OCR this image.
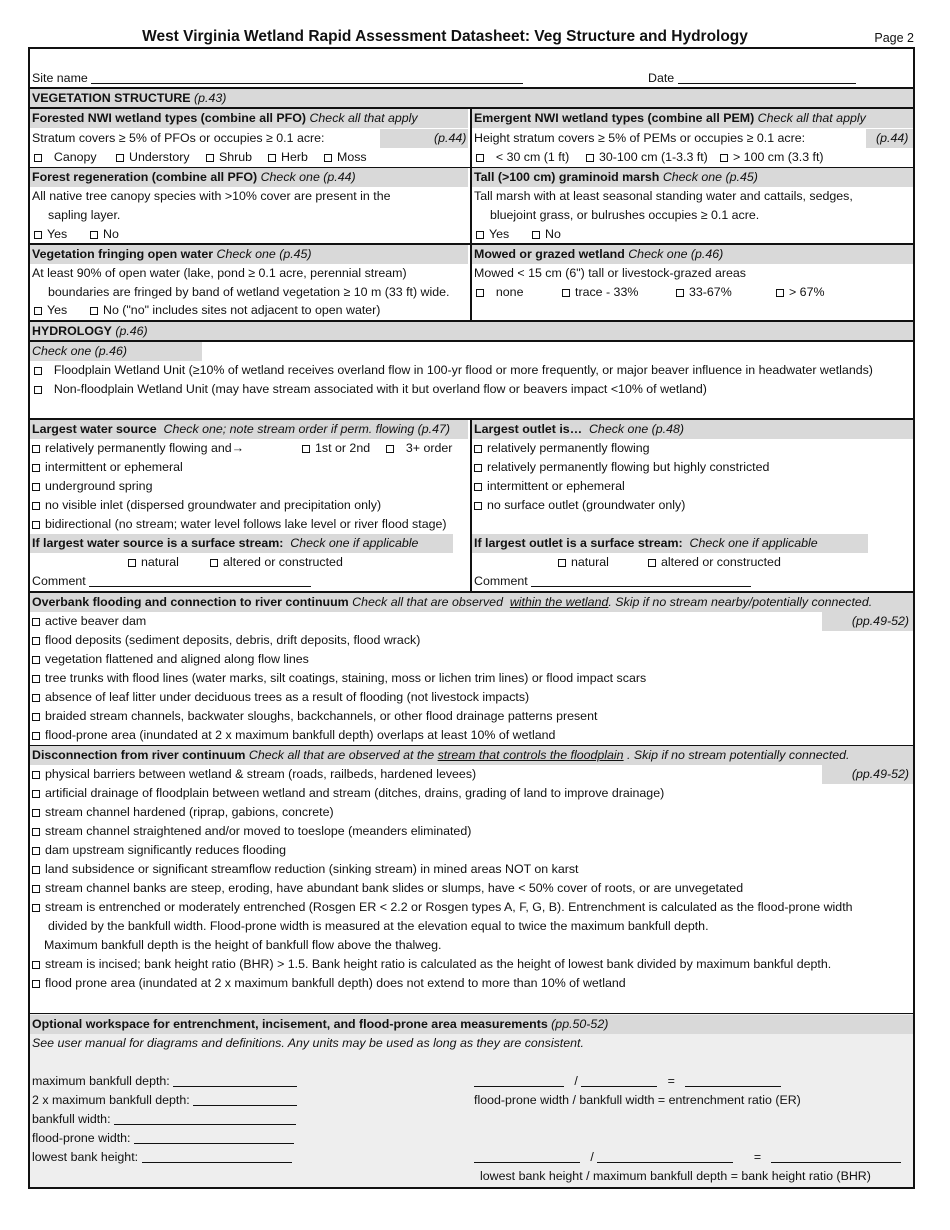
West Virginia Wetland Rapid Assessment Datasheet: Veg Structure and Hydrology	Page 2
Site name	Date
VEGETATION STRUCTURE (p.43)
Forested NWI wetland types (combine all PFO) Check all that apply	Emergent NWI wetland types (combine all PEM) Check all that apply
Stratum covers ≥ 5% of PFOs or occupies ≥ 0.1 acre:	(p.44) Height stratum covers ≥ 5% of PEMs or occupies ≥ 0.1 acre:	(p.44)
Canopy	Understory	Shrub	Herb	Moss	< 30 cm (1 ft)	30-100 cm (1-3.3 ft)	> 100 cm (3.3 ft)
Forest regeneration (combine all PFO) Check one (p.44)	Tall (>100 cm) graminoid marsh Check one (p.45)
All native tree canopy species with >10% cover are present in the	Tall marsh with at least seasonal standing water and cattails, sedges,
sapling layer.	bluejoint grass, or bulrushes occupies ≥ 0.1 acre.
Yes	No	Yes	No
Vegetation fringing open water Check one (p.45)	Mowed or grazed wetland Check one (p.46)
At least 90% of open water (lake, pond ≥ 0.1 acre, perennial stream)	Mowed < 15 cm (6") tall or livestock-grazed areas
boundaries are fringed by band of wetland vegetation ≥ 10 m (33 ft) wide.	none	trace - 33%	33-67%	> 67%
Yes	No ("no" includes sites not adjacent to open water)
HYDROLOGY (p.46)
Check one (p.46)
Floodplain Wetland Unit (≥10% of wetland receives overland flow in 100-yr flood or more frequently, or major beaver influence in headwater wetlands)
Non-floodplain Wetland Unit (may have stream associated with it but overland flow or beavers impact <10% of wetland)
Largest water source Check one; note stream order if perm. flowing (p.47) Largest outlet is… Check one (p.48)
relatively permanently flowing and→	1st or 2nd	3+ order	relatively permanently flowing
intermittent or ephemeral	relatively permanently flowing but highly constricted
underground spring	intermittent or ephemeral
no visible inlet (dispersed groundwater and precipitation only)	no surface outlet (groundwater only)
bidirectional (no stream; water level follows lake level or river flood stage)
If largest water source is a surface stream: Check one if applicable	If largest outlet is a surface stream: Check one if applicable
natural	altered or constructed	natural	altered or constructed
Comment	Comment
Overbank flooding and connection to river continuum Check all that are observed within the wetland. Skip if no stream nearby/potentially connected.
active beaver dam	(pp.49-52)
flood deposits (sediment deposits, debris, drift deposits, flood wrack)
vegetation flattened and aligned along flow lines
tree trunks with flood lines (water marks, silt coatings, staining, moss or lichen trim lines) or flood impact scars
absence of leaf litter under deciduous trees as a result of flooding (not livestock impacts)
braided stream channels, backwater sloughs, backchannels, or other flood drainage patterns present
flood-prone area (inundated at 2 x maximum bankfull depth) overlaps at least 10% of wetland
Disconnection from river continuum Check all that are observed at the stream that controls the floodplain . Skip if no stream potentially connected.
physical barriers between wetland & stream (roads, railbeds, hardened levees)	(pp.49-52)
artificial drainage of floodplain between wetland and stream (ditches, drains, grading of land to improve drainage)
stream channel hardened (riprap, gabions, concrete)
stream channel straightened and/or moved to toeslope (meanders eliminated)
dam upstream significantly reduces flooding
land subsidence or significant streamflow reduction (sinking stream) in mined areas NOT on karst
stream channel banks are steep, eroding, have abundant bank slides or slumps, have < 50% cover of roots, or are unvegetated
stream is entrenched or moderately entrenched (Rosgen ER < 2.2 or Rosgen types A, F, G, B). Entrenchment is calculated as the flood-prone width
divided by the bankfull width. Flood-prone width is measured at the elevation equal to twice the maximum bankfull depth.
Maximum bankfull depth is the height of bankfull flow above the thalweg.
stream is incised; bank height ratio (BHR) > 1.5. Bank height ratio is calculated as the height of lowest bank divided by maximum bankful depth.
flood prone area (inundated at 2 x maximum bankfull depth) does not extend to more than 10% of wetland
Optional workspace for entrenchment, incisement, and flood-prone area measurements (pp.50-52)
See user manual for diagrams and definitions. Any units may be used as long as they are consistent.
maximum bankfull depth:	/	=
2 x maximum bankfull depth:	flood-prone width / bankfull width = entrenchment ratio (ER)
bankfull width:
flood-prone width:
lowest bank height:	/	=
lowest bank height / maximum bankfull depth = bank height ratio (BHR)
